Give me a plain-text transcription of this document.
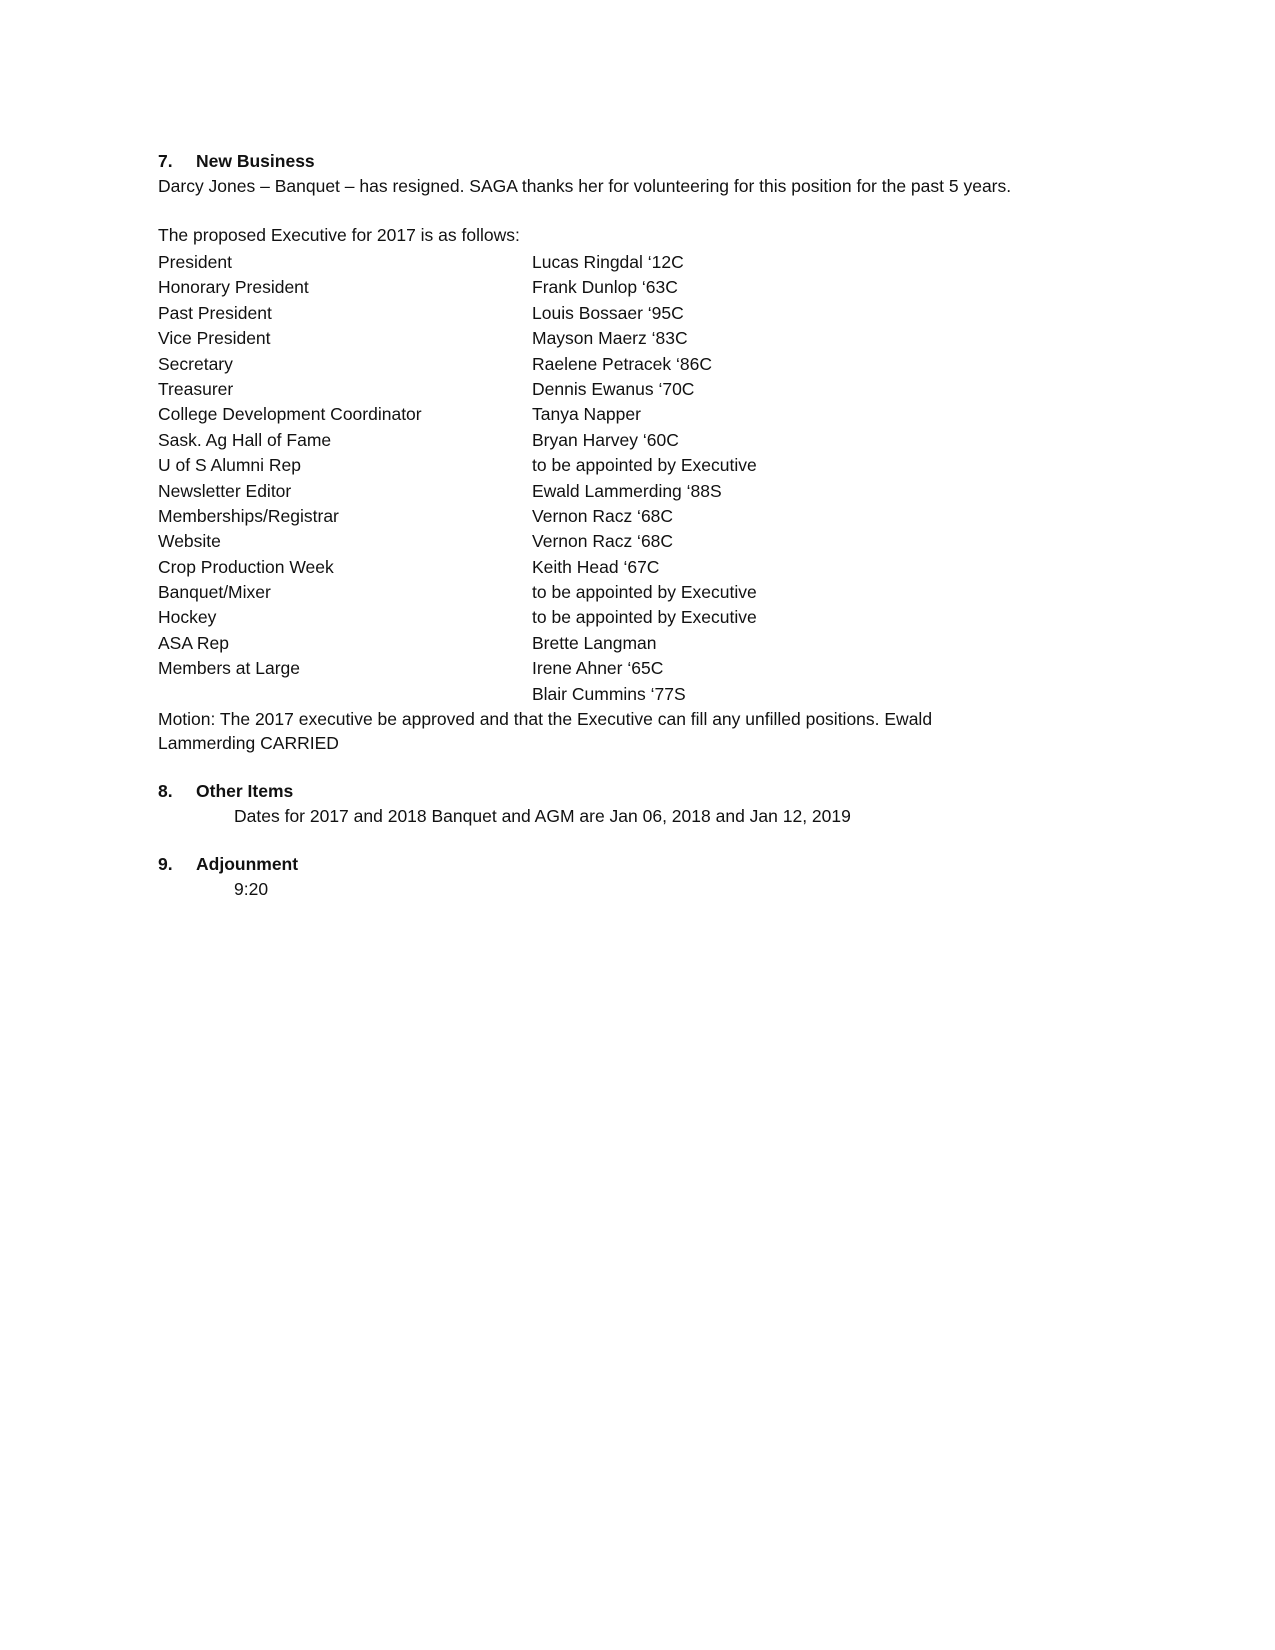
7. New Business
Darcy Jones – Banquet – has resigned. SAGA thanks her for volunteering for this position for the past 5 years.
The proposed Executive for 2017 is as follows:
President	Lucas Ringdal ‘12C
Honorary President	Frank Dunlop ‘63C
Past President	Louis Bossaer ‘95C
Vice President	Mayson Maerz ‘83C
Secretary	Raelene Petracek ‘86C
Treasurer	Dennis Ewanus ‘70C
College Development Coordinator	Tanya Napper
Sask. Ag Hall of Fame	Bryan Harvey ‘60C
U of S Alumni Rep	to be appointed by Executive
Newsletter Editor	Ewald Lammerding ‘88S
Memberships/Registrar	Vernon Racz ‘68C
Website	Vernon Racz ‘68C
Crop Production Week	Keith Head ‘67C
Banquet/Mixer	to be appointed by Executive
Hockey	to be appointed by Executive
ASA Rep	Brette Langman
Members at Large	Irene Ahner ‘65C
Blair Cummins ‘77S
Motion: The 2017 executive be approved and that the Executive can fill any unfilled positions. Ewald
Lammerding CARRIED
8. Other Items
Dates for 2017 and 2018 Banquet and AGM are Jan 06, 2018 and Jan 12, 2019
9. Adjounment
9:20
